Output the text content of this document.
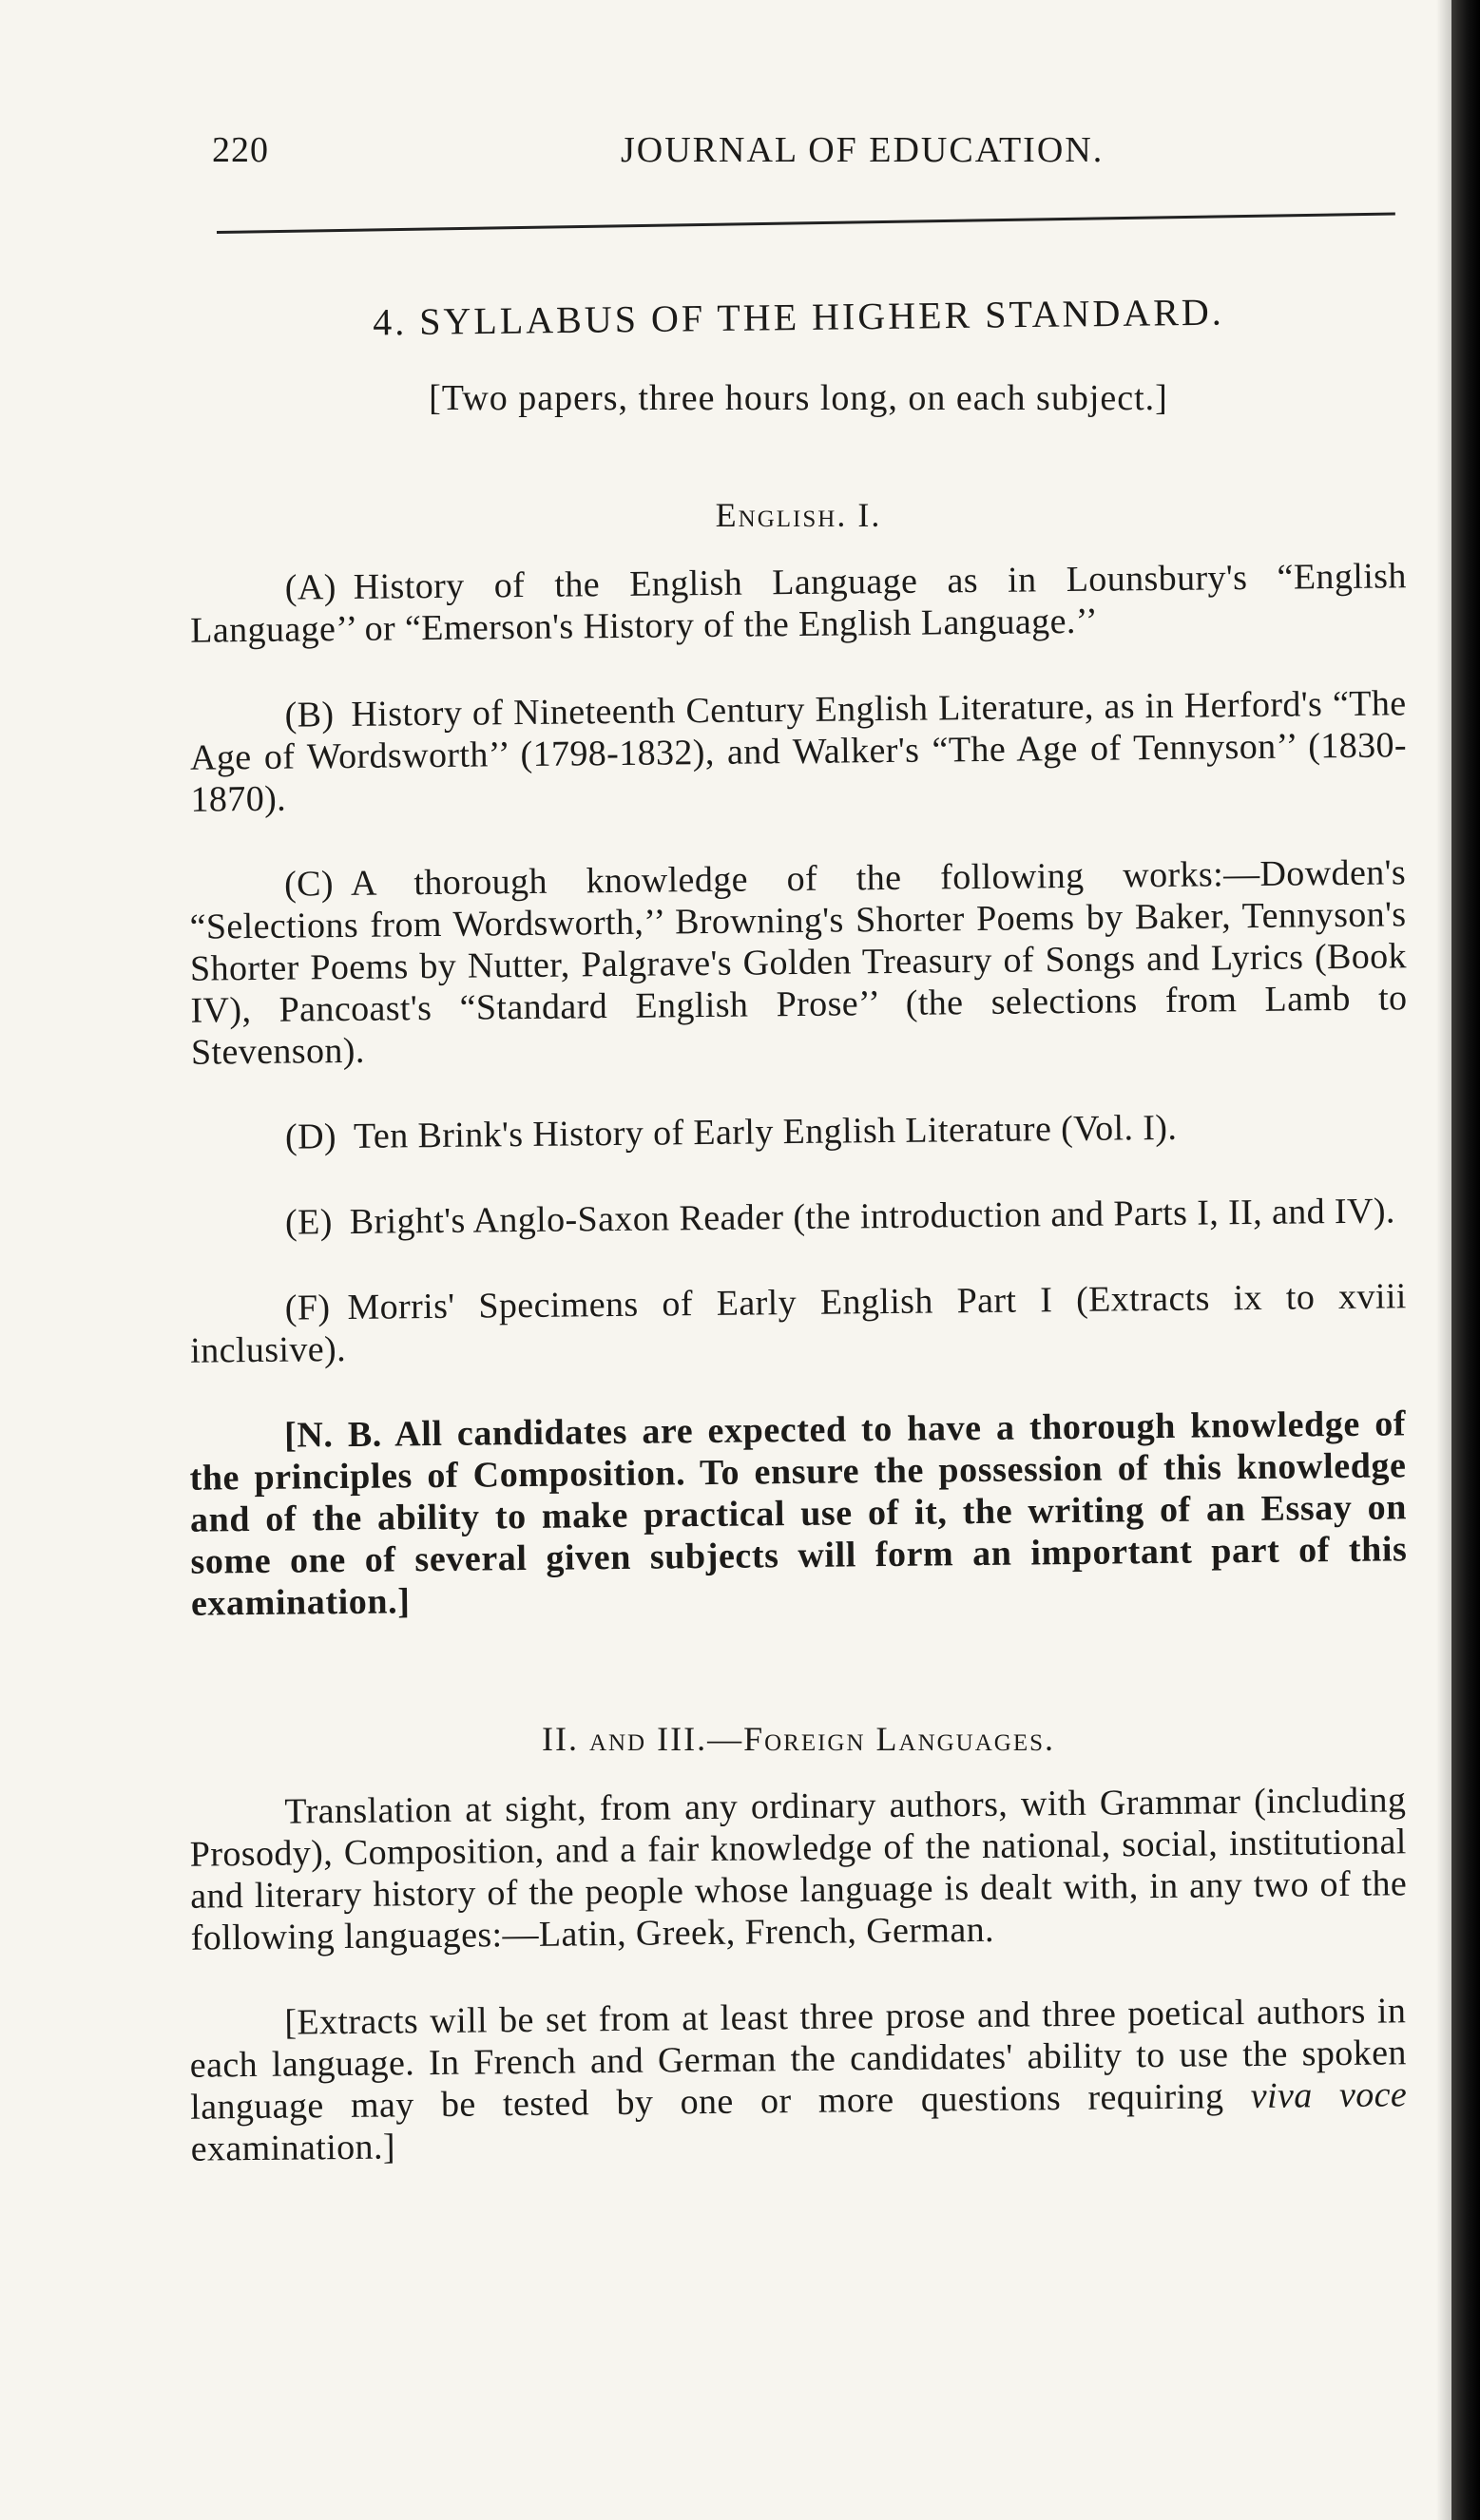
220	JOURNAL OF EDUCATION.
4. SYLLABUS OF THE HIGHER STANDARD.
[Two papers, three hours long, on each subject.]
English. I.

(A) History of the English Language as in Lounsbury's “English Language’’ or “Emerson's History of the English Language.’’

(B) History of Nineteenth Century English Literature, as in Herford's “The Age of Wordsworth’’ (1798-1832), and Walker's “The Age of Tennyson’’ (1830-1870).

(C) A thorough knowledge of the following works:—Dowden's “Selections from Wordsworth,’’ Browning's Shorter Poems by Baker, Tennyson's Shorter Poems by Nutter, Palgrave's Golden Treasury of Songs and Lyrics (Book IV), Pancoast's “Standard English Prose’’ (the selections from Lamb to Stevenson).

(D) Ten Brink's History of Early English Literature (Vol. I).

(E) Bright's Anglo-Saxon Reader (the introduction and Parts I, II, and IV).

(F) Morris' Specimens of Early English Part I (Extracts ix to xviii inclusive).

[N. B. All candidates are expected to have a thorough knowledge of the principles of Composition. To ensure the possession of this knowledge and of the ability to make practical use of it, the writing of an Essay on some one of several given subjects will form an important part of this examination.]

II. and III.—Foreign Languages.

Translation at sight, from any ordinary authors, with Grammar (including Prosody), Composition, and a fair knowledge of the national, social, institutional and literary history of the people whose language is dealt with, in any two of the following languages:—Latin, Greek, French, German.

[Extracts will be set from at least three prose and three poetical authors in each language. In French and German the candidates' ability to use the spoken language may be tested by one or more questions requiring viva voce examination.]
